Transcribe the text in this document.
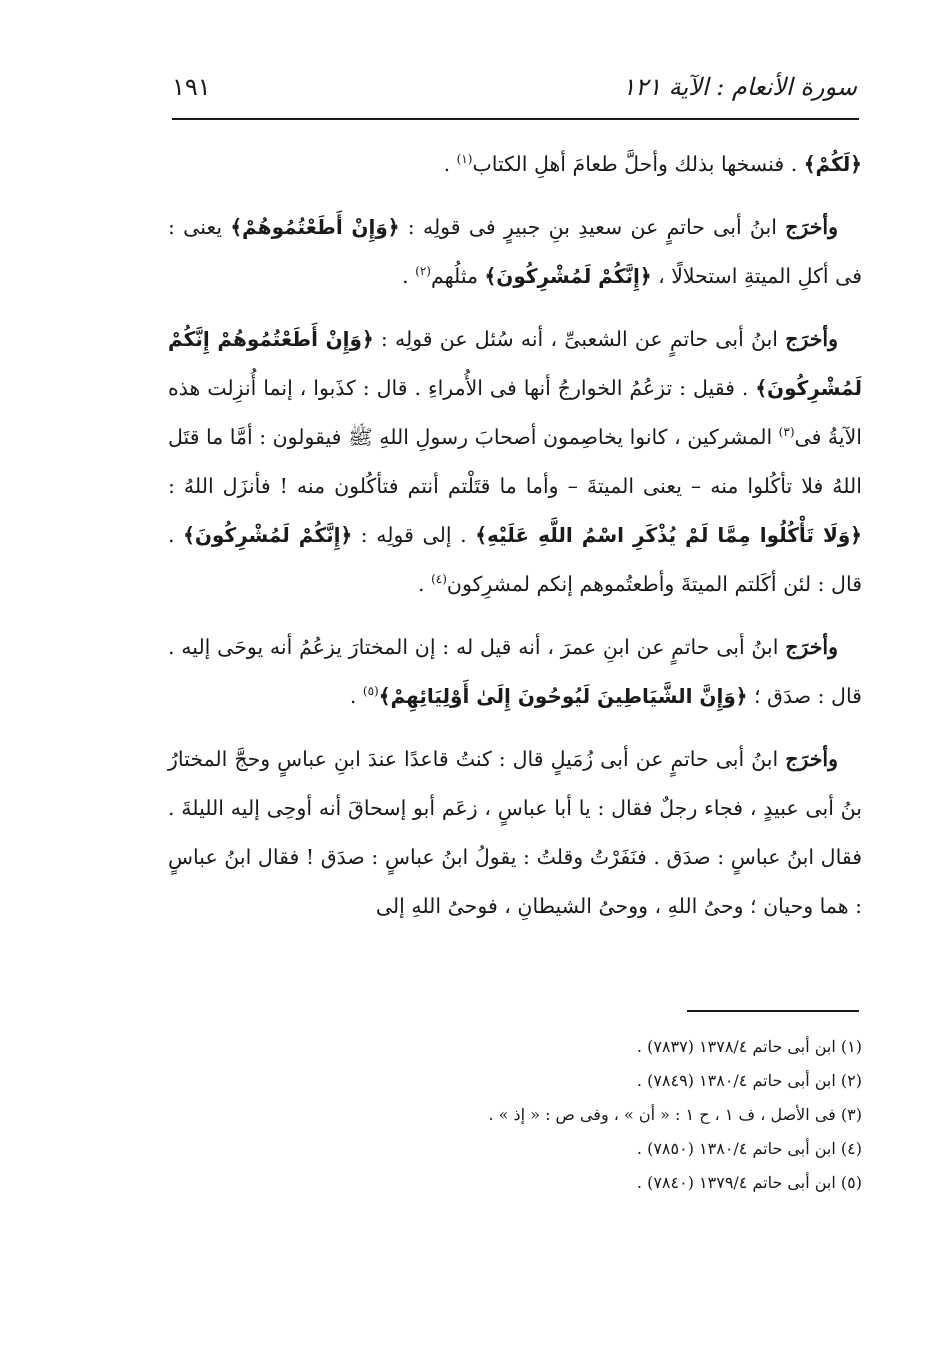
سورة الأنعام : الآية ١٢١
١٩١

﴿لَكُمْ﴾ . فنسخها بذلك وأحلَّ طعامَ أهلِ الكتاب$^{(١)}$ .

وأخرَج ابنُ أبى حاتمٍ عن سعيدِ بنِ جبيرٍ فى قولِه : ﴿وَإِنْ أَطَعْتُمُوهُمْ﴾ يعنى : فى أكلِ الميتةِ استحلالًا ، ﴿إِنَّكُمْ لَمُشْرِكُونَ﴾ مثلُهم$^{(٢)}$ .

وأخرَج ابنُ أبى حاتمٍ عن الشعبىِّ ، أنه سُئل عن قولِه : ﴿وَإِنْ أَطَعْتُمُوهُمْ إِنَّكُمْ لَمُشْرِكُونَ﴾ . فقيل : تزعُمُ الخوارجُ أنها فى الأُمراءِ . قال : كذَبوا ، إنما أُنزِلت هذه الآيةُ فى$^{(٣)}$ المشركين ، كانوا يخاصِمون أصحابَ رسولِ اللهِ ﷺ فيقولون : أمَّا ما قتَل اللهُ فلا تأكُلوا منه – يعنى الميتةَ – وأما ما قتَلْتم أنتم فتأكُلون منه ! فأنزَل اللهُ : ﴿وَلَا تَأْكُلُوا مِمَّا لَمْ يُذْكَرِ اسْمُ اللَّهِ عَلَيْهِ﴾ . إلى قولِه : ﴿إِنَّكُمْ لَمُشْرِكُونَ﴾ . قال : لئن أكَلتم الميتةَ وأطعتُموهم إنكم لمشرِكون$^{(٤)}$ .

وأخرَج ابنُ أبى حاتمٍ عن ابنِ عمرَ ، أنه قيل له : إن المختارَ يزعُمُ أنه يوحَى إليه . قال : صدَق ؛ ﴿وَإِنَّ الشَّيَاطِينَ لَيُوحُونَ إِلَىٰ أَوْلِيَائِهِمْ﴾$^{(٥)}$ .

وأخرَج ابنُ أبى حاتمٍ عن أبى زُمَيلٍ قال : كنتُ قاعدًا عندَ ابنِ عباسٍ وحجَّ المختارُ بنُ أبى عبيدٍ ، فجاء رجلٌ فقال : يا أبا عباسٍ ، زعَم أبو إسحاقَ أنه أوحِى إليه الليلةَ . فقال ابنُ عباسٍ : صدَق . فنَفَرْتُ وقلتُ : يقولُ ابنُ عباسٍ : صدَق ! فقال ابنُ عباسٍ : هما وحيان ؛ وحىُ اللهِ ، ووحىُ الشيطانِ ، فوحىُ اللهِ إلى

(١) ابن أبى حاتم ١٣٧٨/٤ (٧٨٣٧) .
(٢) ابن أبى حاتم ١٣٨٠/٤ (٧٨٤٩) .
(٣) فى الأصل ، ف ١ ، ح ١ : « أن » ، وفى ص : « إذ » .
(٤) ابن أبى حاتم ١٣٨٠/٤ (٧٨٥٠) .
(٥) ابن أبى حاتم ١٣٧٩/٤ (٧٨٤٠) .
